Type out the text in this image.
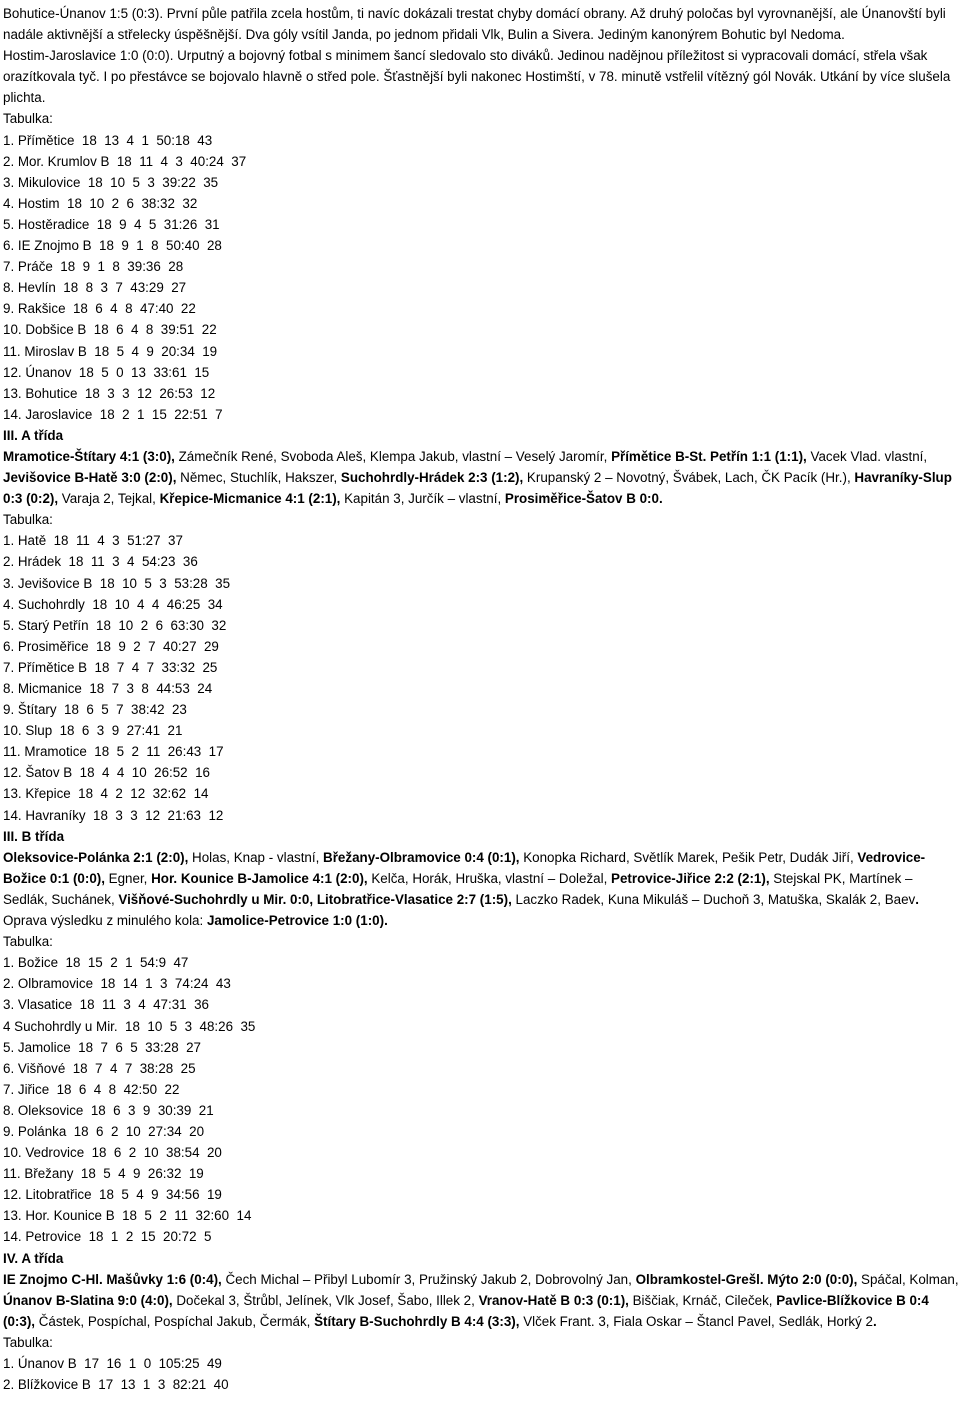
Bohutice-Únanov 1:5 (0:3). První půle patřila zcela hostům, ti navíc dokázali trestat chyby domácí obrany. Až druhý poločas byl vyrovnanější, ale Únanovští byli nadále aktivnější a střelecky úspěšnější. Dva góly vsítil Janda, po jednom přidali Vlk, Bulin a Sivera. Jediným kanonýrem Bohutic byl Nedoma.
Hostim-Jaroslavice 1:0 (0:0). Urputný a bojovný fotbal s minimem šancí sledovalo sto diváků. Jedinou nadějnou příležitost si vypracovali domácí, střela však orazítkovala tyč. I po přestávce se bojovalo hlavně o střed pole. Šťastnější byli nakonec Hostimští, v 78. minutě vstřelil vítězný gól Novák. Utkání by více slušela plichta.
Tabulka:
1. Přímětice  18  13  4  1  50:18  43
2. Mor. Krumlov B  18  11  4  3  40:24  37
3. Mikulovice  18  10  5  3  39:22  35
4. Hostim  18  10  2  6  38:32  32
5. Hostěradice  18  9  4  5  31:26  31
6. IE Znojmo B  18  9  1  8  50:40  28
7. Práče  18  9  1  8  39:36  28
8. Hevlín  18  8  3  7  43:29  27
9. Rakšice  18  6  4  8  47:40  22
10. Dobšice B  18  6  4  8  39:51  22
11. Miroslav B  18  5  4  9  20:34  19
12. Únanov  18  5  0  13  33:61  15
13. Bohutice  18  3  3  12  26:53  12
14. Jaroslavice  18  2  1  15  22:51  7
III. A třída
Mramotice-Štítary 4:1 (3:0), Zámečník René, Svoboda Aleš, Klempa Jakub, vlastní – Veselý Jaromír, Přímětice B-St. Petřín 1:1 (1:1), Vacek Vlad. vlastní, Jevišovice B-Hatě 3:0 (2:0), Němec, Stuchlík, Hakszer, Suchohrdly-Hrádek 2:3 (1:2), Krupanský 2 – Novotný, Švábek, Lach, ČK Pacík (Hr.), Havraníky-Slup 0:3 (0:2), Varaja 2, Tejkal, Křepice-Micmanice 4:1 (2:1), Kapitán 3, Jurčík – vlastní, Prosiměřice-Šatov B 0:0.
Tabulka:
1. Hatě  18  11  4  3  51:27  37
2. Hrádek  18  11  3  4  54:23  36
3. Jevišovice B  18  10  5  3  53:28  35
4. Suchohrdly  18  10  4  4  46:25  34
5. Starý Petřín  18  10  2  6  63:30  32
6. Prosiměřice  18  9  2  7  40:27  29
7. Přímětice B  18  7  4  7  33:32  25
8. Micmanice  18  7  3  8  44:53  24
9. Štítary  18  6  5  7  38:42  23
10. Slup  18  6  3  9  27:41  21
11. Mramotice  18  5  2  11  26:43  17
12. Šatov B  18  4  4  10  26:52  16
13. Křepice  18  4  2  12  32:62  14
14. Havraníky  18  3  3  12  21:63  12
III. B třída
Oleksovice-Polánka 2:1 (2:0), Holas, Knap - vlastní, Břežany-Olbramovice 0:4 (0:1), Konopka Richard, Světlík Marek, Pešik Petr, Dudák Jiří, Vedrovice-Božice 0:1 (0:0), Egner, Hor. Kounice B-Jamolice 4:1 (2:0), Kelča, Horák, Hruška, vlastní – Doležal, Petrovice-Jiřice 2:2 (2:1), Stejskal PK, Martínek – Sedlák, Suchánek, Višňové-Suchohrdly u Mir. 0:0, Litobratřice-Vlasatice 2:7 (1:5), Laczko Radek, Kuna Mikuláš – Duchoň 3, Matuška, Skalák 2, Baev. Oprava výsledku z minulého kola: Jamolice-Petrovice 1:0 (1:0).
Tabulka:
1. Božice  18  15  2  1  54:9  47
2. Olbramovice  18  14  1  3  74:24  43
3. Vlasatice  18  11  3  4  47:31  36
4 Suchohrdly u Mir.  18  10  5  3  48:26  35
5. Jamolice  18  7  6  5  33:28  27
6. Višňové  18  7  4  7  38:28  25
7. Jiřice  18  6  4  8  42:50  22
8. Oleksovice  18  6  3  9  30:39  21
9. Polánka  18  6  2  10  27:34  20
10. Vedrovice  18  6  2  10  38:54  20
11. Břežany  18  5  4  9  26:32  19
12. Litobratřice  18  5  4  9  34:56  19
13. Hor. Kounice B  18  5  2  11  32:60  14
14. Petrovice  18  1  2  15  20:72  5
IV. A třída
IE Znojmo C-Hl. Mašůvky 1:6 (0:4), Čech Michal – Přibyl Lubomír 3, Pružinský Jakub 2, Dobrovolný Jan, Olbramkostel-Grešl. Mýto 2:0 (0:0), Spáčal, Kolman, Únanov B-Slatina 9:0 (4:0), Dočekal 3, Štrůbl, Jelínek, Vlk Josef, Šabo, Illek 2, Vranov-Hatě B 0:3 (0:1), Biščiak, Krnáč, Cileček, Pavlice-Blížkovice B 0:4 (0:3), Částek, Pospíchal, Pospíchal Jakub, Čermák, Štítary B-Suchohrdly B 4:4 (3:3), Vlček Frant. 3, Fiala Oskar – Štancl Pavel, Sedlák, Horký 2.
Tabulka:
1. Únanov B  17  16  1  0  105:25  49
2. Blížkovice B  17  13  1  3  82:21  40
